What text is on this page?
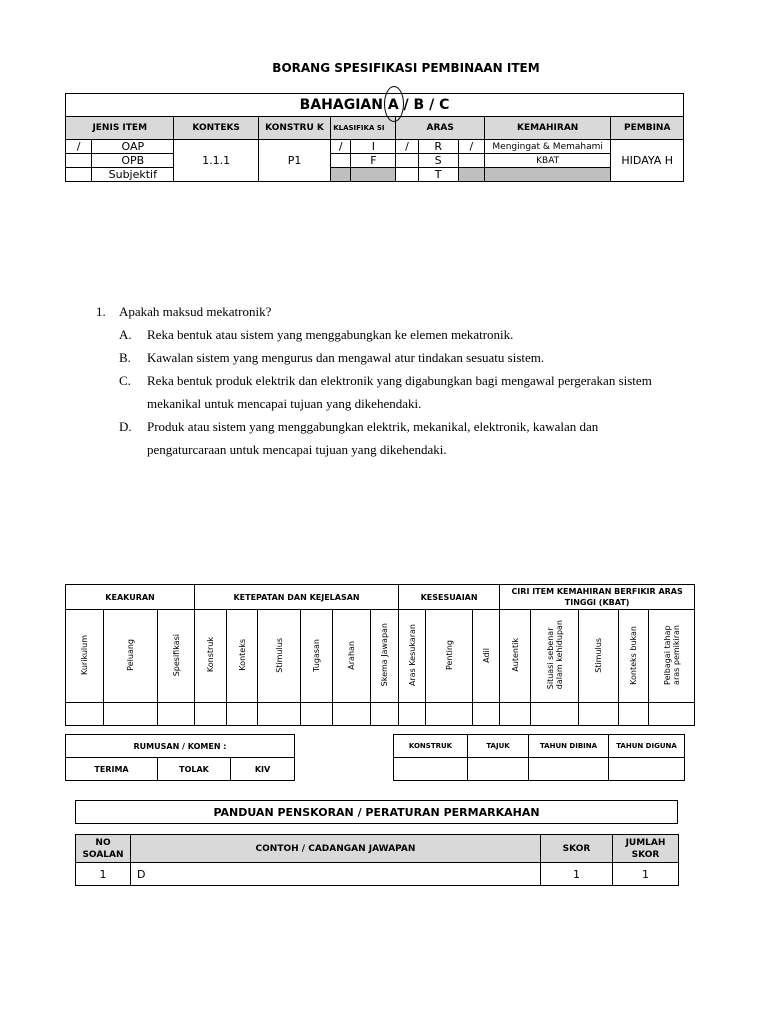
BORANG SPESIFIKASI PEMBINAAN ITEM
BAHAGIAN A / B / C										
JENIS ITEM		KONTEKS	KONSTRU K	KLASIFIKA SI		ARAS			KEMAHIRAN	PEMBINA
/	OAP	1.1.1	P1	/	I	/	R	/	Mengingat & Memahami	HIDAYA H
	OPB				F		S		KBAT	
	Subjektif						T			
1.	Apakah maksud mekatronik?
A.	Reka bentuk atau sistem yang menggabungkan ke elemen mekatronik.
B.	Kawalan sistem yang mengurus dan mengawal atur tindakan sesuatu sistem.
C.	Reka bentuk produk elektrik dan elektronik yang digabungkan bagi mengawal pergerakan sistem mekanikal untuk mencapai tujuan yang dikehendaki.
D.	Produk atau sistem yang menggabungkan elektrik, mekanikal, elektronik, kawalan dan pengaturcaraan untuk mencapai tujuan yang dikehendaki.
KEAKURAN			KETEPATAN DAN KEJELASAN						KESESUAIAN			CIRI ITEM KEMAHIRAN BERFIKIR ARAS TINGGI (KBAT)				
Kurikulum	Peluang	Spesifikasi	Konstruk	Konteks	Stimulus	Tugasan	Arahan	Skema Jawapan	Aras Kesukaran	Penting	Adil	Autentik	Situasi sebenar
dalam kehidupan	Stimulus	Konteks bukan	Pelbagai tahap
aras pemikiran

RUMUSAN / KOMEN :
TERIMA	TOLAK	KIV
KONSTRUK	TAJUK	TAHUN DIBINA	TAHUN DIGUNA

PANDUAN PENSKORAN / PERATURAN PERMARKAHAN
NO SOALAN	CONTOH / CADANGAN JAWAPAN	SKOR	JUMLAH SKOR
1	D	1	1
